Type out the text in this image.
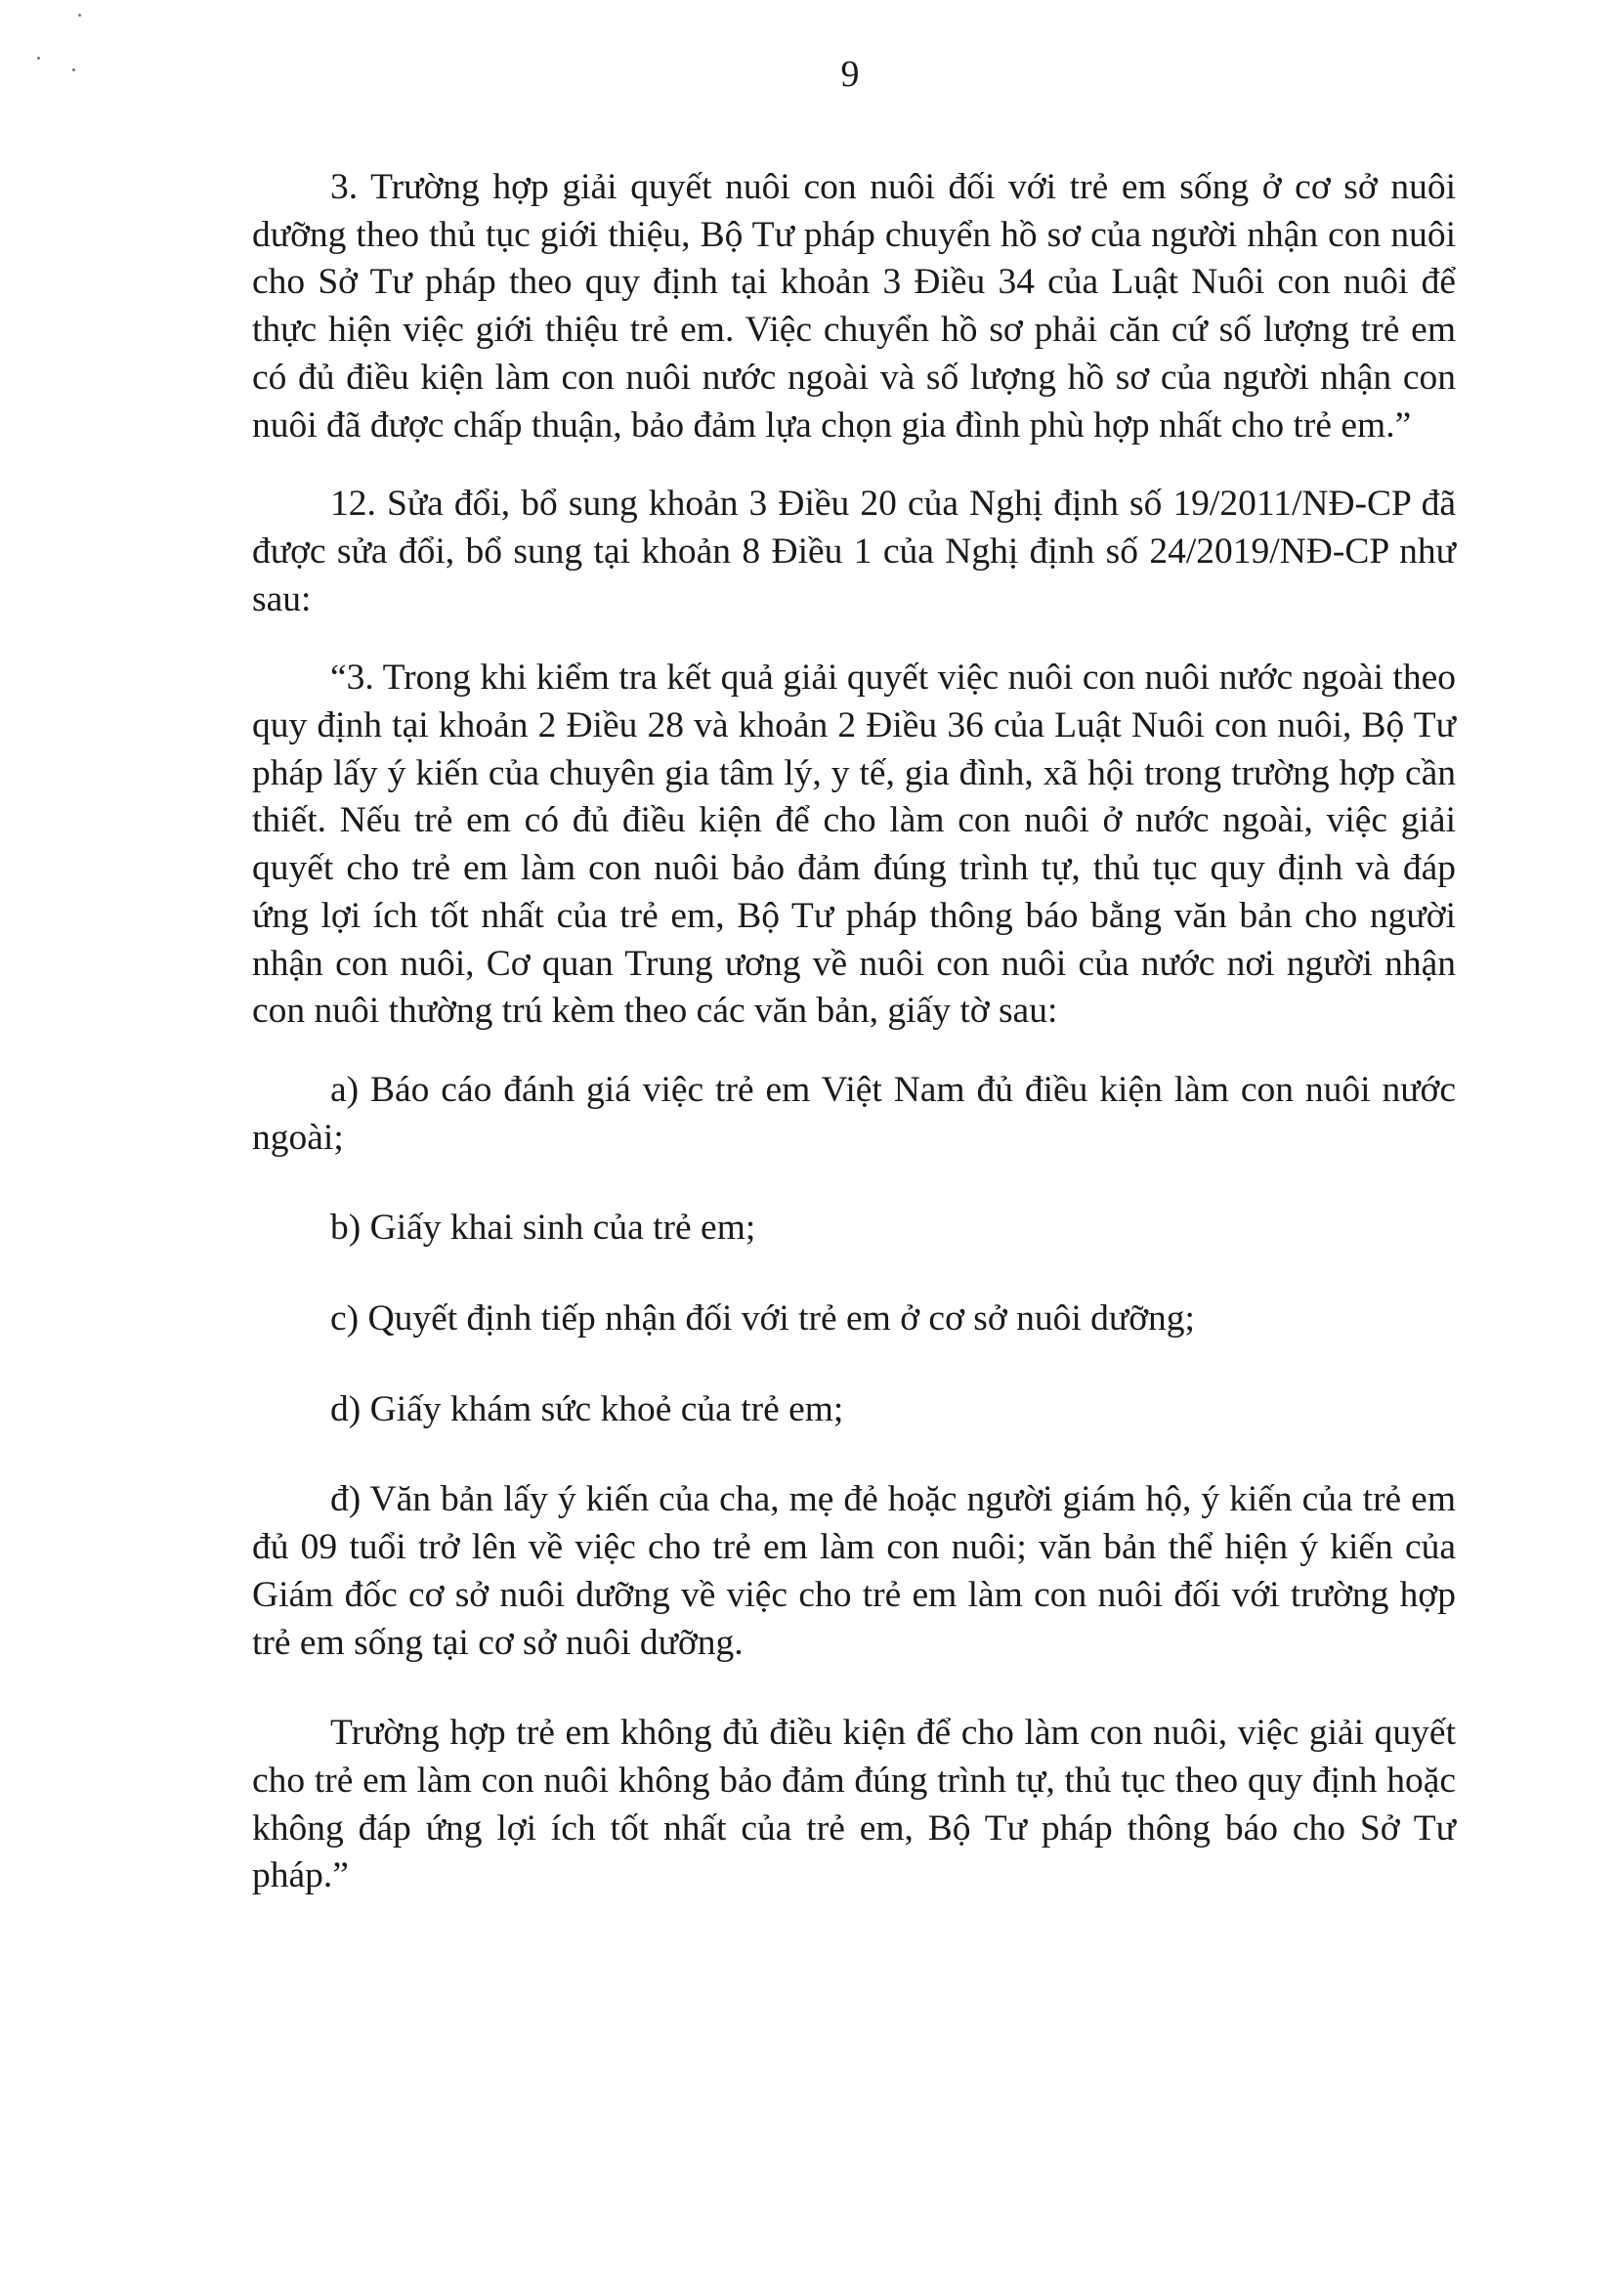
9

3. Trường hợp giải quyết nuôi con nuôi đối với trẻ em sống ở cơ sở nuôi dưỡng theo thủ tục giới thiệu, Bộ Tư pháp chuyển hồ sơ của người nhận con nuôi cho Sở Tư pháp theo quy định tại khoản 3 Điều 34 của Luật Nuôi con nuôi để thực hiện việc giới thiệu trẻ em. Việc chuyển hồ sơ phải căn cứ số lượng trẻ em có đủ điều kiện làm con nuôi nước ngoài và số lượng hồ sơ của người nhận con nuôi đã được chấp thuận, bảo đảm lựa chọn gia đình phù hợp nhất cho trẻ em.”

12. Sửa đổi, bổ sung khoản 3 Điều 20 của Nghị định số 19/2011/NĐ-CP đã được sửa đổi, bổ sung tại khoản 8 Điều 1 của Nghị định số 24/2019/NĐ-CP như sau:

“3. Trong khi kiểm tra kết quả giải quyết việc nuôi con nuôi nước ngoài theo quy định tại khoản 2 Điều 28 và khoản 2 Điều 36 của Luật Nuôi con nuôi, Bộ Tư pháp lấy ý kiến của chuyên gia tâm lý, y tế, gia đình, xã hội trong trường hợp cần thiết. Nếu trẻ em có đủ điều kiện để cho làm con nuôi ở nước ngoài, việc giải quyết cho trẻ em làm con nuôi bảo đảm đúng trình tự, thủ tục quy định và đáp ứng lợi ích tốt nhất của trẻ em, Bộ Tư pháp thông báo bằng văn bản cho người nhận con nuôi, Cơ quan Trung ương về nuôi con nuôi của nước nơi người nhận con nuôi thường trú kèm theo các văn bản, giấy tờ sau:

a) Báo cáo đánh giá việc trẻ em Việt Nam đủ điều kiện làm con nuôi nước ngoài;

b) Giấy khai sinh của trẻ em;

c) Quyết định tiếp nhận đối với trẻ em ở cơ sở nuôi dưỡng;

d) Giấy khám sức khoẻ của trẻ em;

đ) Văn bản lấy ý kiến của cha, mẹ đẻ hoặc người giám hộ, ý kiến của trẻ em đủ 09 tuổi trở lên về việc cho trẻ em làm con nuôi; văn bản thể hiện ý kiến của Giám đốc cơ sở nuôi dưỡng về việc cho trẻ em làm con nuôi đối với trường hợp trẻ em sống tại cơ sở nuôi dưỡng.

Trường hợp trẻ em không đủ điều kiện để cho làm con nuôi, việc giải quyết cho trẻ em làm con nuôi không bảo đảm đúng trình tự, thủ tục theo quy định hoặc không đáp ứng lợi ích tốt nhất của trẻ em, Bộ Tư pháp thông báo cho Sở Tư pháp.”
